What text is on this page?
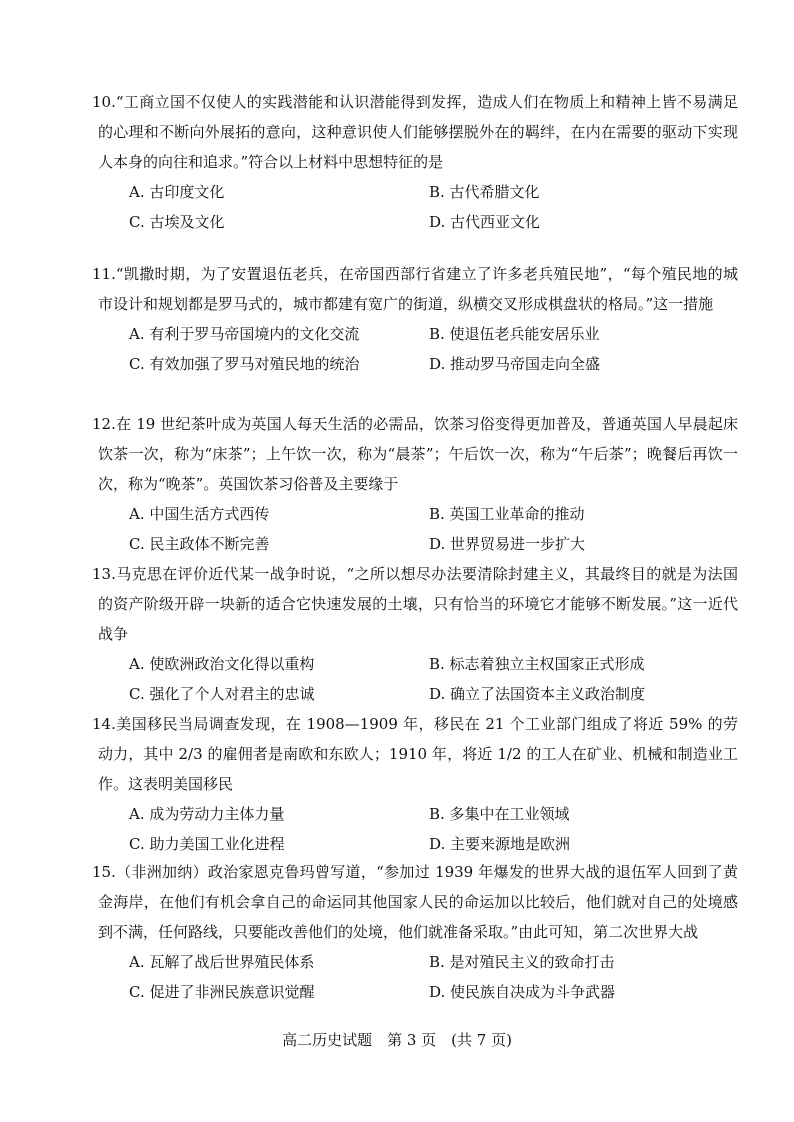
10.“工商立国不仅使人的实践潜能和认识潜能得到发挥，造成人们在物质上和精神上皆不易满足的心理和不断向外展拓的意向，这种意识使人们能够摆脱外在的羁绊，在内在需要的驱动下实现人本身的向往和追求。”符合以上材料中思想特征的是

A. 古印度文化	B. 古代希腊文化
C. 古埃及文化	D. 古代西亚文化

11.“凯撒时期，为了安置退伍老兵，在帝国西部行省建立了许多老兵殖民地”，“每个殖民地的城市设计和规划都是罗马式的，城市都建有宽广的街道，纵横交叉形成棋盘状的格局。”这一措施

A. 有利于罗马帝国境内的文化交流	B. 使退伍老兵能安居乐业
C. 有效加强了罗马对殖民地的统治	D. 推动罗马帝国走向全盛

12.在 19 世纪茶叶成为英国人每天生活的必需品，饮茶习俗变得更加普及，普通英国人早晨起床饮茶一次，称为“床茶”；上午饮一次，称为“晨茶”；午后饮一次，称为“午后茶”；晚餐后再饮一次，称为“晚茶”。英国饮茶习俗普及主要缘于

A. 中国生活方式西传	B. 英国工业革命的推动
C. 民主政体不断完善	D. 世界贸易进一步扩大

13.马克思在评价近代某一战争时说，“之所以想尽办法要清除封建主义，其最终目的就是为法国的资产阶级开辟一块新的适合它快速发展的土壤，只有恰当的环境它才能够不断发展。”这一近代战争

A. 使欧洲政治文化得以重构	B. 标志着独立主权国家正式形成
C. 强化了个人对君主的忠诚	D. 确立了法国资本主义政治制度

14.美国移民当局调查发现，在 1908—1909 年，移民在 21 个工业部门组成了将近 59% 的劳动力，其中 2/3 的雇佣者是南欧和东欧人；1910 年，将近 1/2 的工人在矿业、机械和制造业工作。这表明美国移民

A. 成为劳动力主体力量	B. 多集中在工业领域
C. 助力美国工业化进程	D. 主要来源地是欧洲

15.（非洲加纳）政治家恩克鲁玛曾写道，“参加过 1939 年爆发的世界大战的退伍军人回到了黄金海岸，在他们有机会拿自己的命运同其他国家人民的命运加以比较后，他们就对自己的处境感到不满，任何路线，只要能改善他们的处境，他们就准备采取。”由此可知，第二次世界大战

A. 瓦解了战后世界殖民体系	B. 是对殖民主义的致命打击
C. 促进了非洲民族意识觉醒	D. 使民族自决成为斗争武器
高二历史试题　第 3 页　(共 7 页)
